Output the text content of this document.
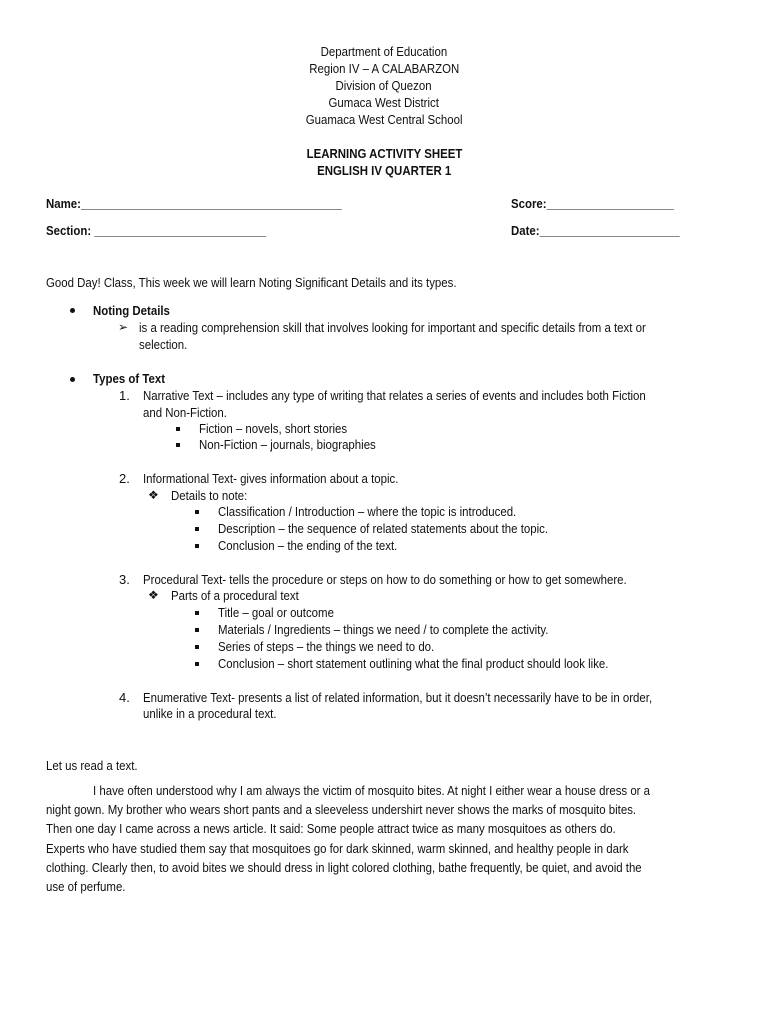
Department of Education
Region IV – A CALABARZON
Division of Quezon
Gumaca West District
Guamaca West Central School
LEARNING ACTIVITY SHEET
ENGLISH IV QUARTER 1
Name:_________________________________________	Score:____________________
Section: ___________________________	Date:______________________
Good Day! Class, This week we will learn Noting Significant Details and its types.
Noting Details
➢ is a reading comprehension skill that involves looking for important and specific details from a text or
selection.
Types of Text
1. Narrative Text – includes any type of writing that relates a series of events and includes both Fiction
and Non-Fiction.
Fiction – novels, short stories
Non-Fiction – journals, biographies
2. Informational Text- gives information about a topic.
❖ Details to note:
Classification / Introduction – where the topic is introduced.
Description – the sequence of related statements about the topic.
Conclusion – the ending of the text.
3. Procedural Text- tells the procedure or steps on how to do something or how to get somewhere.
❖ Parts of a procedural text
Title – goal or outcome
Materials / Ingredients – things we need / to complete the activity.
Series of steps – the things we need to do.
Conclusion – short statement outlining what the final product should look like.
4. Enumerative Text- presents a list of related information, but it doesn’t necessarily have to be in order,
unlike in a procedural text.
Let us read a text.
I have often understood why I am always the victim of mosquito bites. At night I either wear a house dress or a
night gown. My brother who wears short pants and a sleeveless undershirt never shows the marks of mosquito bites.
Then one day I came across a news article. It said: Some people attract twice as many mosquitoes as others do.
Experts who have studied them say that mosquitoes go for dark skinned, warm skinned, and healthy people in dark
clothing. Clearly then, to avoid bites we should dress in light colored clothing, bathe frequently, be quiet, and avoid the
use of perfume.
